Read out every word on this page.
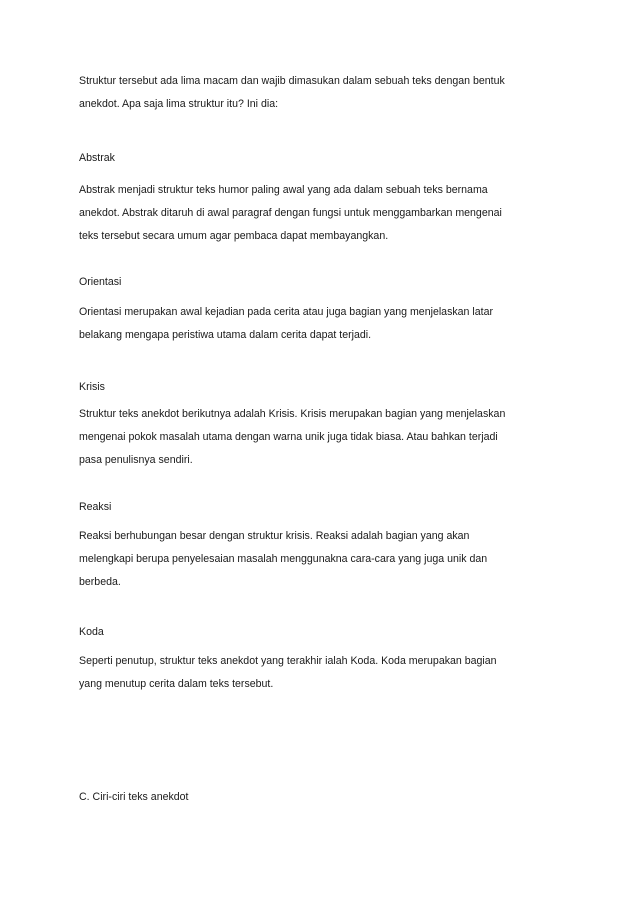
Struktur tersebut ada lima macam dan wajib dimasukan dalam sebuah teks dengan bentuk
anekdot. Apa saja lima struktur itu? Ini dia:

Abstrak

Abstrak menjadi struktur teks humor paling awal yang ada dalam sebuah teks bernama
anekdot. Abstrak ditaruh di awal paragraf dengan fungsi untuk menggambarkan mengenai
teks tersebut secara umum agar pembaca dapat membayangkan.

Orientasi

Orientasi merupakan awal kejadian pada cerita atau juga bagian yang menjelaskan latar
belakang mengapa peristiwa utama dalam cerita dapat terjadi.

Krisis

Struktur teks anekdot berikutnya adalah Krisis. Krisis merupakan bagian yang menjelaskan
mengenai pokok masalah utama dengan warna unik juga tidak biasa. Atau bahkan terjadi
pasa penulisnya sendiri.

Reaksi

Reaksi berhubungan besar dengan struktur krisis. Reaksi adalah bagian yang akan
melengkapi berupa penyelesaian masalah menggunakna cara-cara yang juga unik dan
berbeda.

Koda

Seperti penutup, struktur teks anekdot yang terakhir ialah Koda. Koda merupakan bagian
yang menutup cerita dalam teks tersebut.

C. Ciri-ciri teks anekdot
